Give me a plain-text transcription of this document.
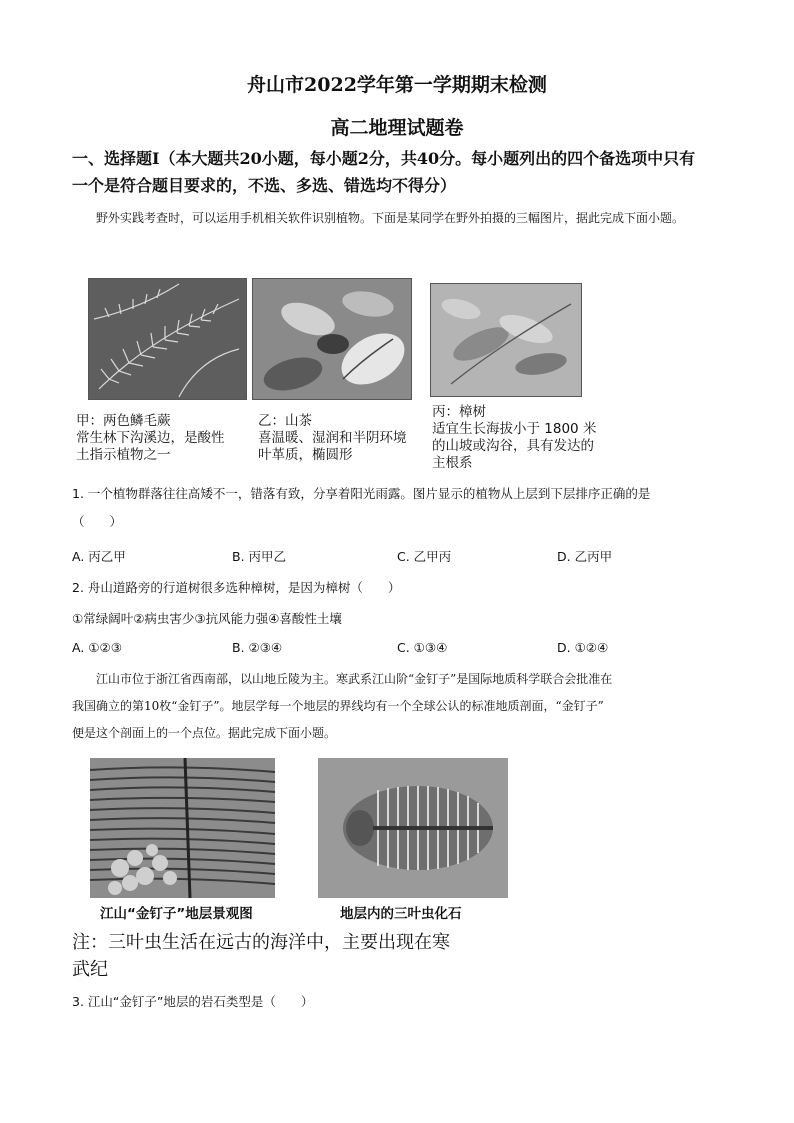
舟山市2022学年第一学期期末检测
高二地理试题卷
一、选择题Ⅰ（本大题共20小题，每小题2分，共40分。每小题列出的四个备选项中只有
一个是符合题目要求的，不选、多选、错选均不得分）
野外实践考查时，可以运用手机相关软件识别植物。下面是某同学在野外拍摄的三幅图片，据此完成下面小题。
甲：两色鳞毛蕨
常生林下沟溪边，是酸性
土指示植物之一
乙：山茶
喜温暖、湿润和半阴环境
叶革质，椭圆形
丙：樟树
适宜生长海拔小于 1800 米
的山坡或沟谷，具有发达的
主根系
1. 一个植物群落往往高矮不一，错落有致，分享着阳光雨露。图片显示的植物从上层到下层排序正确的是
（　　）
A. 丙乙甲	B. 丙甲乙	C. 乙甲丙	D. 乙丙甲
2. 舟山道路旁的行道树很多选种樟树，是因为樟树（　　）
①常绿阔叶②病虫害少③抗风能力强④喜酸性土壤
A. ①②③	B. ②③④	C. ①③④	D. ①②④
江山市位于浙江省西南部，以山地丘陵为主。寒武系江山阶“金钉子”是国际地质科学联合会批准在
我国确立的第10枚“金钉子”。地层学每一个地层的界线均有一个全球公认的标准地质剖面，“金钉子”
便是这个剖面上的一个点位。据此完成下面小题。
江山“金钉子”地层景观图	地层内的三叶虫化石
注：三叶虫生活在远古的海洋中，主要出现在寒
武纪
3. 江山“金钉子”地层的岩石类型是（　　）
